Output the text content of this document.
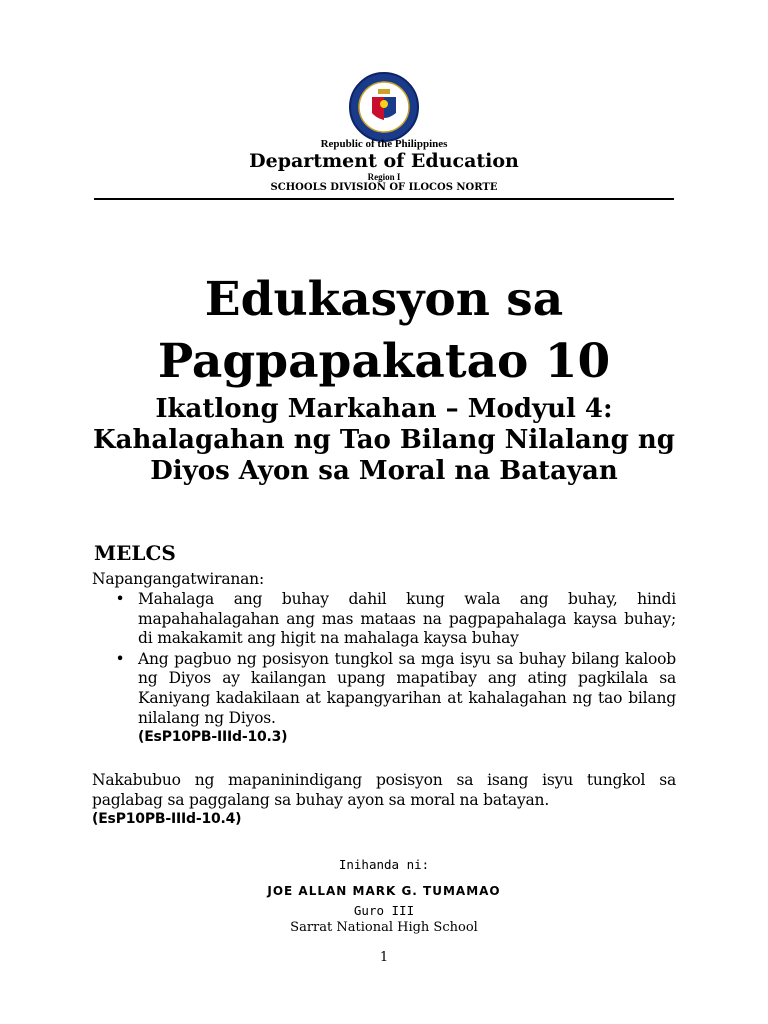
Republic of the Philippines
Department of Education
Region I
SCHOOLS DIVISION OF ILOCOS NORTE
Edukasyon sa
Pagpapakatao 10
Ikatlong Markahan – Modyul 4: Kahalagahan ng Tao Bilang Nilalang ng Diyos Ayon sa Moral na Batayan
MELCS
Napangangatwiranan:
• Mahalaga ang buhay dahil kung wala ang buhay, hindi mapahahalagahan ang mas mataas na pagpapahalaga kaysa buhay; di makakamit ang higit na mahalaga kaysa buhay
• Ang pagbuo ng posisyon tungkol sa mga isyu sa buhay bilang kaloob ng Diyos ay kailangan upang mapatibay ang ating pagkilala sa Kaniyang kadakilaan at kapangyarihan at kahalagahan ng tao bilang nilalang ng Diyos.
(EsP10PB-IIId-10.3)
Nakabubuo ng mapaninindigang posisyon sa isang isyu tungkol sa paglabag sa paggalang sa buhay ayon sa moral na batayan.
(EsP10PB-IIId-10.4)
Inihanda ni:
JOE ALLAN MARK G. TUMAMAO
Guro III
Sarrat National High School
1
